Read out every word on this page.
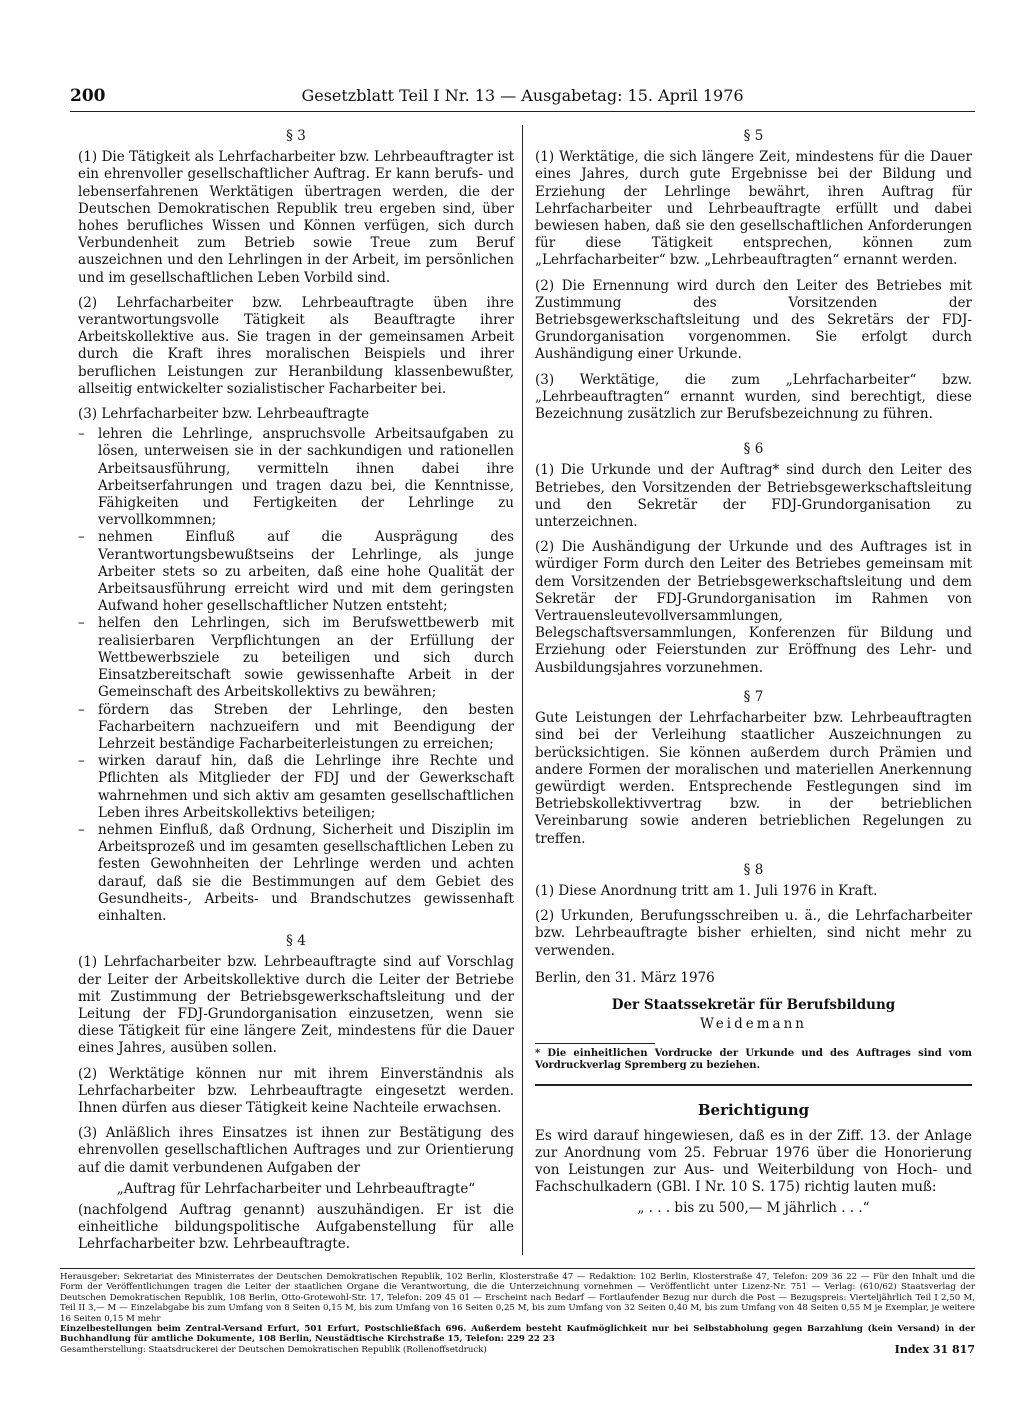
200	Gesetzblatt Teil I Nr. 13 — Ausgabetag: 15. April 1976
§ 3

(1) Die Tätigkeit als Lehrfacharbeiter bzw. Lehrbeauftragter ist ein ehrenvoller gesellschaftlicher Auftrag. Er kann berufs- und lebenserfahrenen Werktätigen übertragen werden, die der Deutschen Demokratischen Republik treu ergeben sind, über hohes berufliches Wissen und Können verfügen, sich durch Verbundenheit zum Betrieb sowie Treue zum Beruf auszeichnen und den Lehrlingen in der Arbeit, im persönlichen und im gesellschaftlichen Leben Vorbild sind.

(2) Lehrfacharbeiter bzw. Lehrbeauftragte üben ihre verantwortungsvolle Tätigkeit als Beauftragte ihrer Arbeitskollektive aus. Sie tragen in der gemeinsamen Arbeit durch die Kraft ihres moralischen Beispiels und ihrer beruflichen Leistungen zur Heranbildung klassenbewußter, allseitig entwickelter sozialistischer Facharbeiter bei.

(3) Lehrfacharbeiter bzw. Lehrbeauftragte

– lehren die Lehrlinge, anspruchsvolle Arbeitsaufgaben zu lösen, unterweisen sie in der sachkundigen und rationellen Arbeitsausführung, vermitteln ihnen dabei ihre Arbeitserfahrungen und tragen dazu bei, die Kenntnisse, Fähigkeiten und Fertigkeiten der Lehrlinge zu vervollkommnen;
– nehmen Einfluß auf die Ausprägung des Verantwortungsbewußtseins der Lehrlinge, als junge Arbeiter stets so zu arbeiten, daß eine hohe Qualität der Arbeitsausführung erreicht wird und mit dem geringsten Aufwand hoher gesellschaftlicher Nutzen entsteht;
– helfen den Lehrlingen, sich im Berufswettbewerb mit realisierbaren Verpflichtungen an der Erfüllung der Wettbewerbsziele zu beteiligen und sich durch Einsatzbereitschaft sowie gewissenhafte Arbeit in der Gemeinschaft des Arbeitskollektivs zu bewähren;
– fördern das Streben der Lehrlinge, den besten Facharbeitern nachzueifern und mit Beendigung der Lehrzeit beständige Facharbeiterleistungen zu erreichen;
– wirken darauf hin, daß die Lehrlinge ihre Rechte und Pflichten als Mitglieder der FDJ und der Gewerkschaft wahrnehmen und sich aktiv am gesamten gesellschaftlichen Leben ihres Arbeitskollektivs beteiligen;
– nehmen Einfluß, daß Ordnung, Sicherheit und Disziplin im Arbeitsprozeß und im gesamten gesellschaftlichen Leben zu festen Gewohnheiten der Lehrlinge werden und achten darauf, daß sie die Bestimmungen auf dem Gebiet des Gesundheits-, Arbeits- und Brandschutzes gewissenhaft einhalten.
§ 4

(1) Lehrfacharbeiter bzw. Lehrbeauftragte sind auf Vorschlag der Leiter der Arbeitskollektive durch die Leiter der Betriebe mit Zustimmung der Betriebsgewerkschaftsleitung und der Leitung der FDJ-Grundorganisation einzusetzen, wenn sie diese Tätigkeit für eine längere Zeit, mindestens für die Dauer eines Jahres, ausüben sollen.

(2) Werktätige können nur mit ihrem Einverständnis als Lehrfacharbeiter bzw. Lehrbeauftragte eingesetzt werden. Ihnen dürfen aus dieser Tätigkeit keine Nachteile erwachsen.

(3) Anläßlich ihres Einsatzes ist ihnen zur Bestätigung des ehrenvollen gesellschaftlichen Auftrages und zur Orientierung auf die damit verbundenen Aufgaben der

„Auftrag für Lehrfacharbeiter und Lehrbeauftragte“

(nachfolgend Auftrag genannt) auszuhändigen. Er ist die einheitliche bildungspolitische Aufgabenstellung für alle Lehrfacharbeiter bzw. Lehrbeauftragte.

§ 5

(1) Werktätige, die sich längere Zeit, mindestens für die Dauer eines Jahres, durch gute Ergebnisse bei der Bildung und Erziehung der Lehrlinge bewährt, ihren Auftrag für Lehrfacharbeiter und Lehrbeauftragte erfüllt und dabei bewiesen haben, daß sie den gesellschaftlichen Anforderungen für diese Tätigkeit entsprechen, können zum „Lehrfacharbeiter“ bzw. „Lehrbeauftragten“ ernannt werden.

(2) Die Ernennung wird durch den Leiter des Betriebes mit Zustimmung des Vorsitzenden der Betriebsgewerkschaftsleitung und des Sekretärs der FDJ-Grundorganisation vorgenommen. Sie erfolgt durch Aushändigung einer Urkunde.

(3) Werktätige, die zum „Lehrfacharbeiter“ bzw. „Lehrbeauftragten“ ernannt wurden, sind berechtigt, diese Bezeichnung zusätzlich zur Berufsbezeichnung zu führen.

§ 6

(1) Die Urkunde und der Auftrag* sind durch den Leiter des Betriebes, den Vorsitzenden der Betriebsgewerkschaftsleitung und den Sekretär der FDJ-Grundorganisation zu unterzeichnen.

(2) Die Aushändigung der Urkunde und des Auftrages ist in würdiger Form durch den Leiter des Betriebes gemeinsam mit dem Vorsitzenden der Betriebsgewerkschaftsleitung und dem Sekretär der FDJ-Grundorganisation im Rahmen von Vertrauensleutevollversammlungen, Belegschaftsversammlungen, Konferenzen für Bildung und Erziehung oder Feierstunden zur Eröffnung des Lehr- und Ausbildungsjahres vorzunehmen.

§ 7

Gute Leistungen der Lehrfacharbeiter bzw. Lehrbeauftragten sind bei der Verleihung staatlicher Auszeichnungen zu berücksichtigen. Sie können außerdem durch Prämien und andere Formen der moralischen und materiellen Anerkennung gewürdigt werden. Entsprechende Festlegungen sind im Betriebskollektivvertrag bzw. in der betrieblichen Vereinbarung sowie anderen betrieblichen Regelungen zu treffen.

§ 8

(1) Diese Anordnung tritt am 1. Juli 1976 in Kraft.

(2) Urkunden, Berufungsschreiben u. ä., die Lehrfacharbeiter bzw. Lehrbeauftragte bisher erhielten, sind nicht mehr zu verwenden.

Berlin, den 31. März 1976

Der Staatssekretär für Berufsbildung

Weidemann

* Die einheitlichen Vordrucke der Urkunde und des Auftrages sind vom Vordruckverlag Spremberg zu beziehen.
Berichtigung

Es wird darauf hingewiesen, daß es in der Ziff. 13. der Anlage zur Anordnung vom 25. Februar 1976 über die Honorierung von Leistungen zur Aus- und Weiterbildung von Hoch- und Fachschulkadern (GBl. I Nr. 10 S. 175) richtig lauten muß:

„ . . . bis zu 500,— M jährlich . . .“

Herausgeber: Sekretariat des Ministerrates der Deutschen Demokratischen Republik, 102 Berlin, Klosterstraße 47 — Redaktion: 102 Berlin, Klosterstraße 47, Telefon: 209 36 22 — Für den Inhalt und die Form der Veröffentlichungen tragen die Leiter der staatlichen Organe die Verantwortung, die die Unterzeichnung vornehmen — Veröffentlicht unter Lizenz-Nr. 751 — Verlag: (610/62) Staatsverlag der Deutschen Demokratischen Republik, 108 Berlin, Otto-Grotewohl-Str. 17, Telefon: 209 45 01 — Erscheint nach Bedarf — Fortlaufender Bezug nur durch die Post — Bezugspreis: Vierteljährlich Teil I 2,50 M, Teil II 3,— M — Einzelabgabe bis zum Umfang von 8 Seiten 0,15 M, bis zum Umfang von 16 Seiten 0,25 M, bis zum Umfang von 32 Seiten 0,40 M, bis zum Umfang von 48 Seiten 0,55 M je Exemplar, je weitere 16 Seiten 0,15 M mehr
Einzelbestellungen beim Zentral-Versand Erfurt, 501 Erfurt, Postschließfach 696. Außerdem besteht Kaufmöglichkeit nur bei Selbstabholung gegen Barzahlung (kein Versand) in der Buchhandlung für amtliche Dokumente, 108 Berlin, Neustädtische Kirchstraße 15, Telefon: 229 22 23
Gesamtherstellung: Staatsdruckerei der Deutschen Demokratischen Republik (Rollenoffsetdruck)	Index 31 817
